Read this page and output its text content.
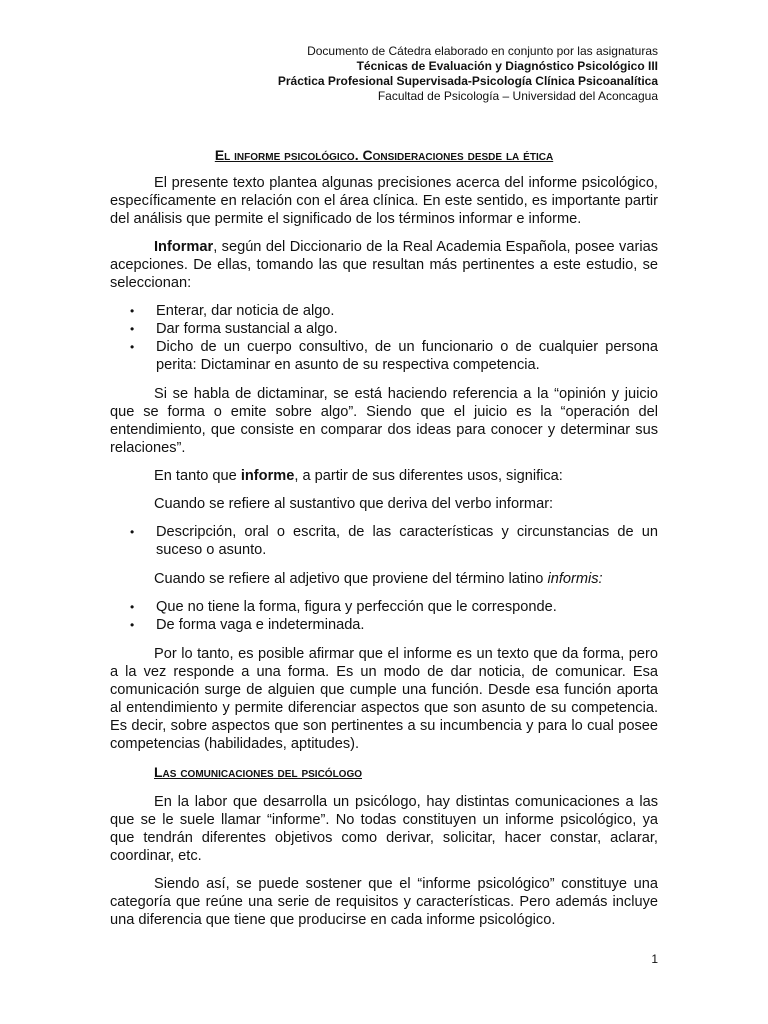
Documento de Cátedra elaborado en conjunto por las asignaturas
Técnicas de Evaluación y Diagnóstico Psicológico III
Práctica Profesional Supervisada-Psicología Clínica Psicoanalítica
Facultad de Psicología – Universidad del Aconcagua
El informe psicológico. Consideraciones desde la ética

El presente texto plantea algunas precisiones acerca del informe psicológico, específicamente en relación con el área clínica. En este sentido, es importante partir del análisis que permite el significado de los términos informar e informe.

Informar, según del Diccionario de la Real Academia Española, posee varias acepciones. De ellas, tomando las que resultan más pertinentes a este estudio, se seleccionan:

• Enterar, dar noticia de algo.
• Dar forma sustancial a algo.
• Dicho de un cuerpo consultivo, de un funcionario o de cualquier persona perita: Dictaminar en asunto de su respectiva competencia.

Si se habla de dictaminar, se está haciendo referencia a la “opinión y juicio que se forma o emite sobre algo”. Siendo que el juicio es la “operación del entendimiento, que consiste en comparar dos ideas para conocer y determinar sus relaciones”.

En tanto que informe, a partir de sus diferentes usos, significa:

Cuando se refiere al sustantivo que deriva del verbo informar:

• Descripción, oral o escrita, de las características y circunstancias de un suceso o asunto.

Cuando se refiere al adjetivo que proviene del término latino informis:

• Que no tiene la forma, figura y perfección que le corresponde.
• De forma vaga e indeterminada.

Por lo tanto, es posible afirmar que el informe es un texto que da forma, pero a la vez responde a una forma. Es un modo de dar noticia, de comunicar. Esa comunicación surge de alguien que cumple una función. Desde esa función aporta al entendimiento y permite diferenciar aspectos que son asunto de su competencia. Es decir, sobre aspectos que son pertinentes a su incumbencia y para lo cual posee competencias (habilidades, aptitudes).

Las comunicaciones del psicólogo

En la labor que desarrolla un psicólogo, hay distintas comunicaciones a las que se le suele llamar “informe”. No todas constituyen un informe psicológico, ya que tendrán diferentes objetivos como derivar, solicitar, hacer constar, aclarar, coordinar, etc.

Siendo así, se puede sostener que el “informe psicológico” constituye una categoría que reúne una serie de requisitos y características. Pero además incluye una diferencia que tiene que producirse en cada informe psicológico.

1
